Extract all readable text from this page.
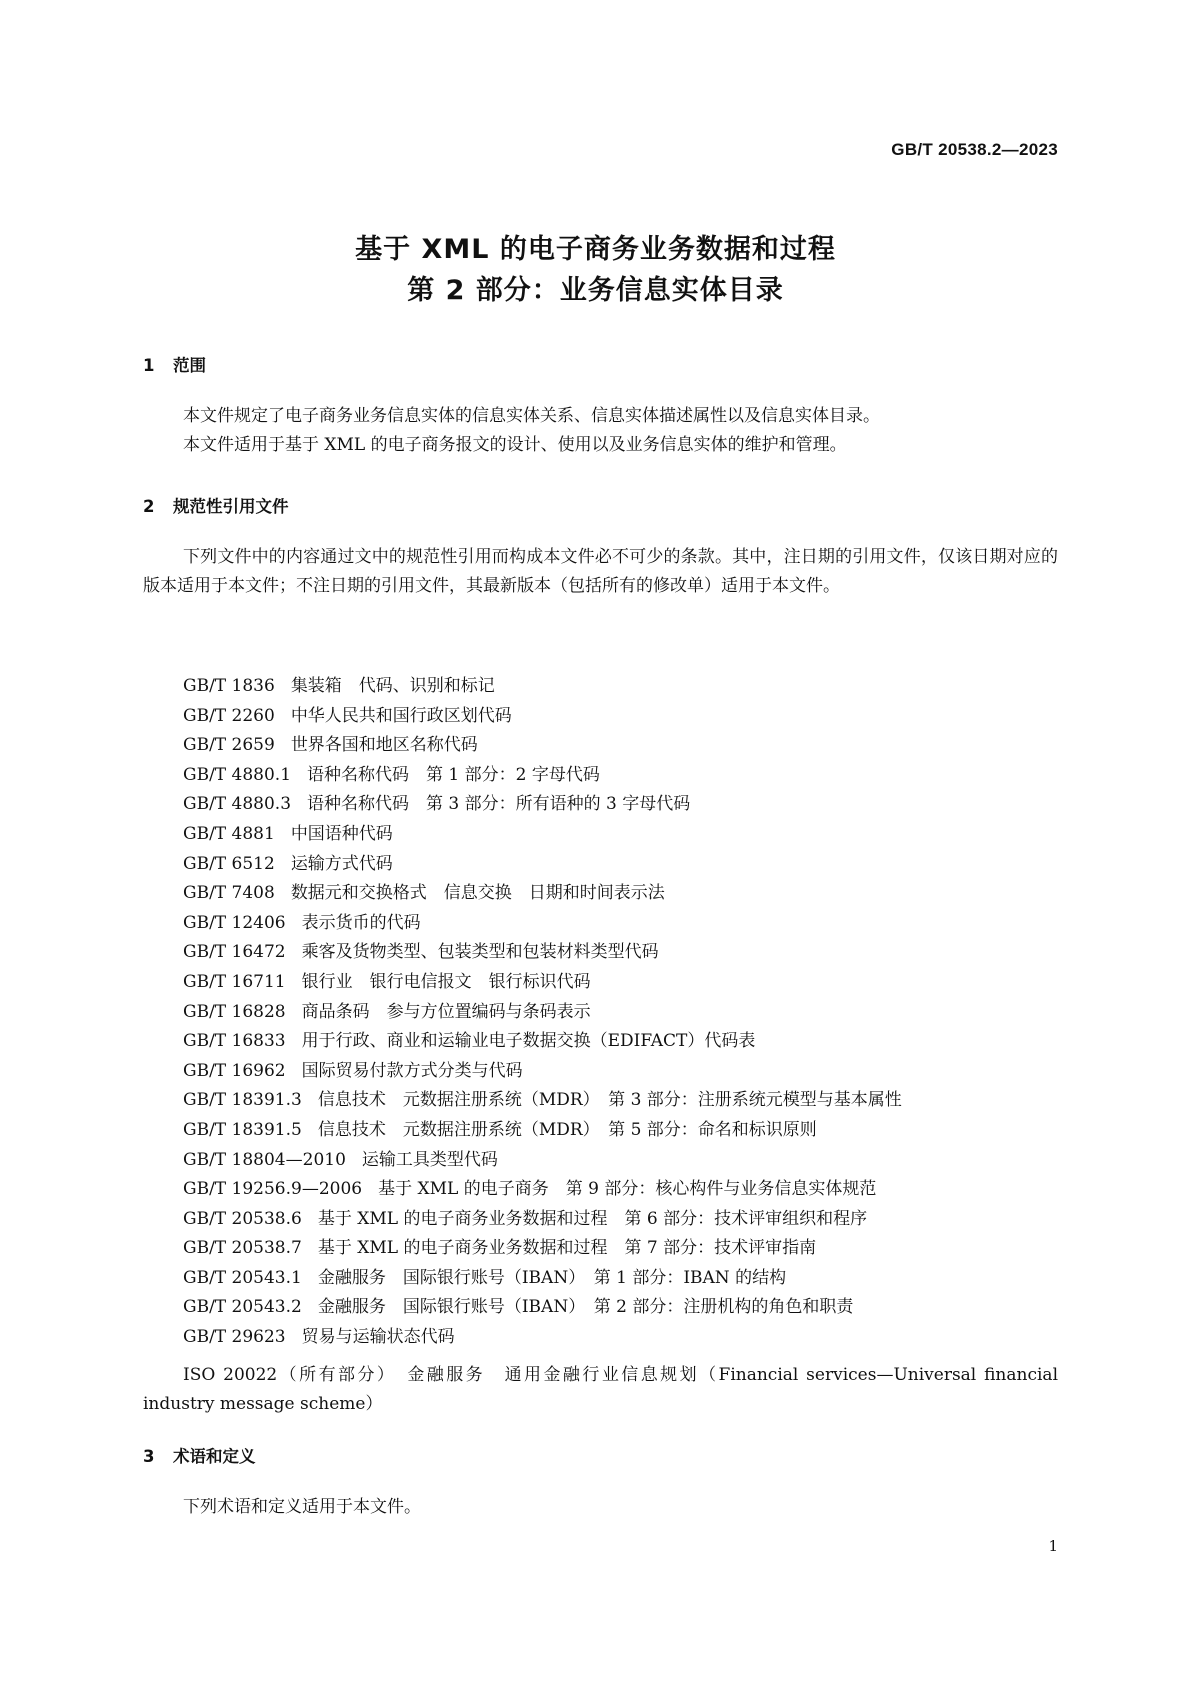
GB/T 20538.2—2023
基于 XML 的电子商务业务数据和过程
第 2 部分：业务信息实体目录
1 范围
本文件规定了电子商务业务信息实体的信息实体关系、信息实体描述属性以及信息实体目录。
本文件适用于基于 XML 的电子商务报文的设计、使用以及业务信息实体的维护和管理。
2 规范性引用文件
下列文件中的内容通过文中的规范性引用而构成本文件必不可少的条款。其中，注日期的引用文件，仅该日期对应的版本适用于本文件；不注日期的引用文件，其最新版本（包括所有的修改单）适用于本文件。
GB/T 1836 集装箱　代码、识别和标记
GB/T 2260 中华人民共和国行政区划代码
GB/T 2659 世界各国和地区名称代码
GB/T 4880.1 语种名称代码　第 1 部分：2 字母代码
GB/T 4880.3 语种名称代码　第 3 部分：所有语种的 3 字母代码
GB/T 4881 中国语种代码
GB/T 6512 运输方式代码
GB/T 7408 数据元和交换格式　信息交换　日期和时间表示法
GB/T 12406 表示货币的代码
GB/T 16472 乘客及货物类型、包装类型和包装材料类型代码
GB/T 16711 银行业　银行电信报文　银行标识代码
GB/T 16828 商品条码　参与方位置编码与条码表示
GB/T 16833 用于行政、商业和运输业电子数据交换（EDIFACT）代码表
GB/T 16962 国际贸易付款方式分类与代码
GB/T 18391.3 信息技术　元数据注册系统（MDR）　第 3 部分：注册系统元模型与基本属性
GB/T 18391.5 信息技术　元数据注册系统（MDR）　第 5 部分：命名和标识原则
GB/T 18804—2010 运输工具类型代码
GB/T 19256.9—2006 基于 XML 的电子商务　第 9 部分：核心构件与业务信息实体规范
GB/T 20538.6 基于 XML 的电子商务业务数据和过程　第 6 部分：技术评审组织和程序
GB/T 20538.7 基于 XML 的电子商务业务数据和过程　第 7 部分：技术评审指南
GB/T 20543.1 金融服务　国际银行账号（IBAN）　第 1 部分：IBAN 的结构
GB/T 20543.2 金融服务　国际银行账号（IBAN）　第 2 部分：注册机构的角色和职责
GB/T 29623 贸易与运输状态代码
ISO 20022（所有部分）　金融服务　通用金融行业信息规划（Financial services—Universal financial industry message scheme）
3 术语和定义
下列术语和定义适用于本文件。
1
